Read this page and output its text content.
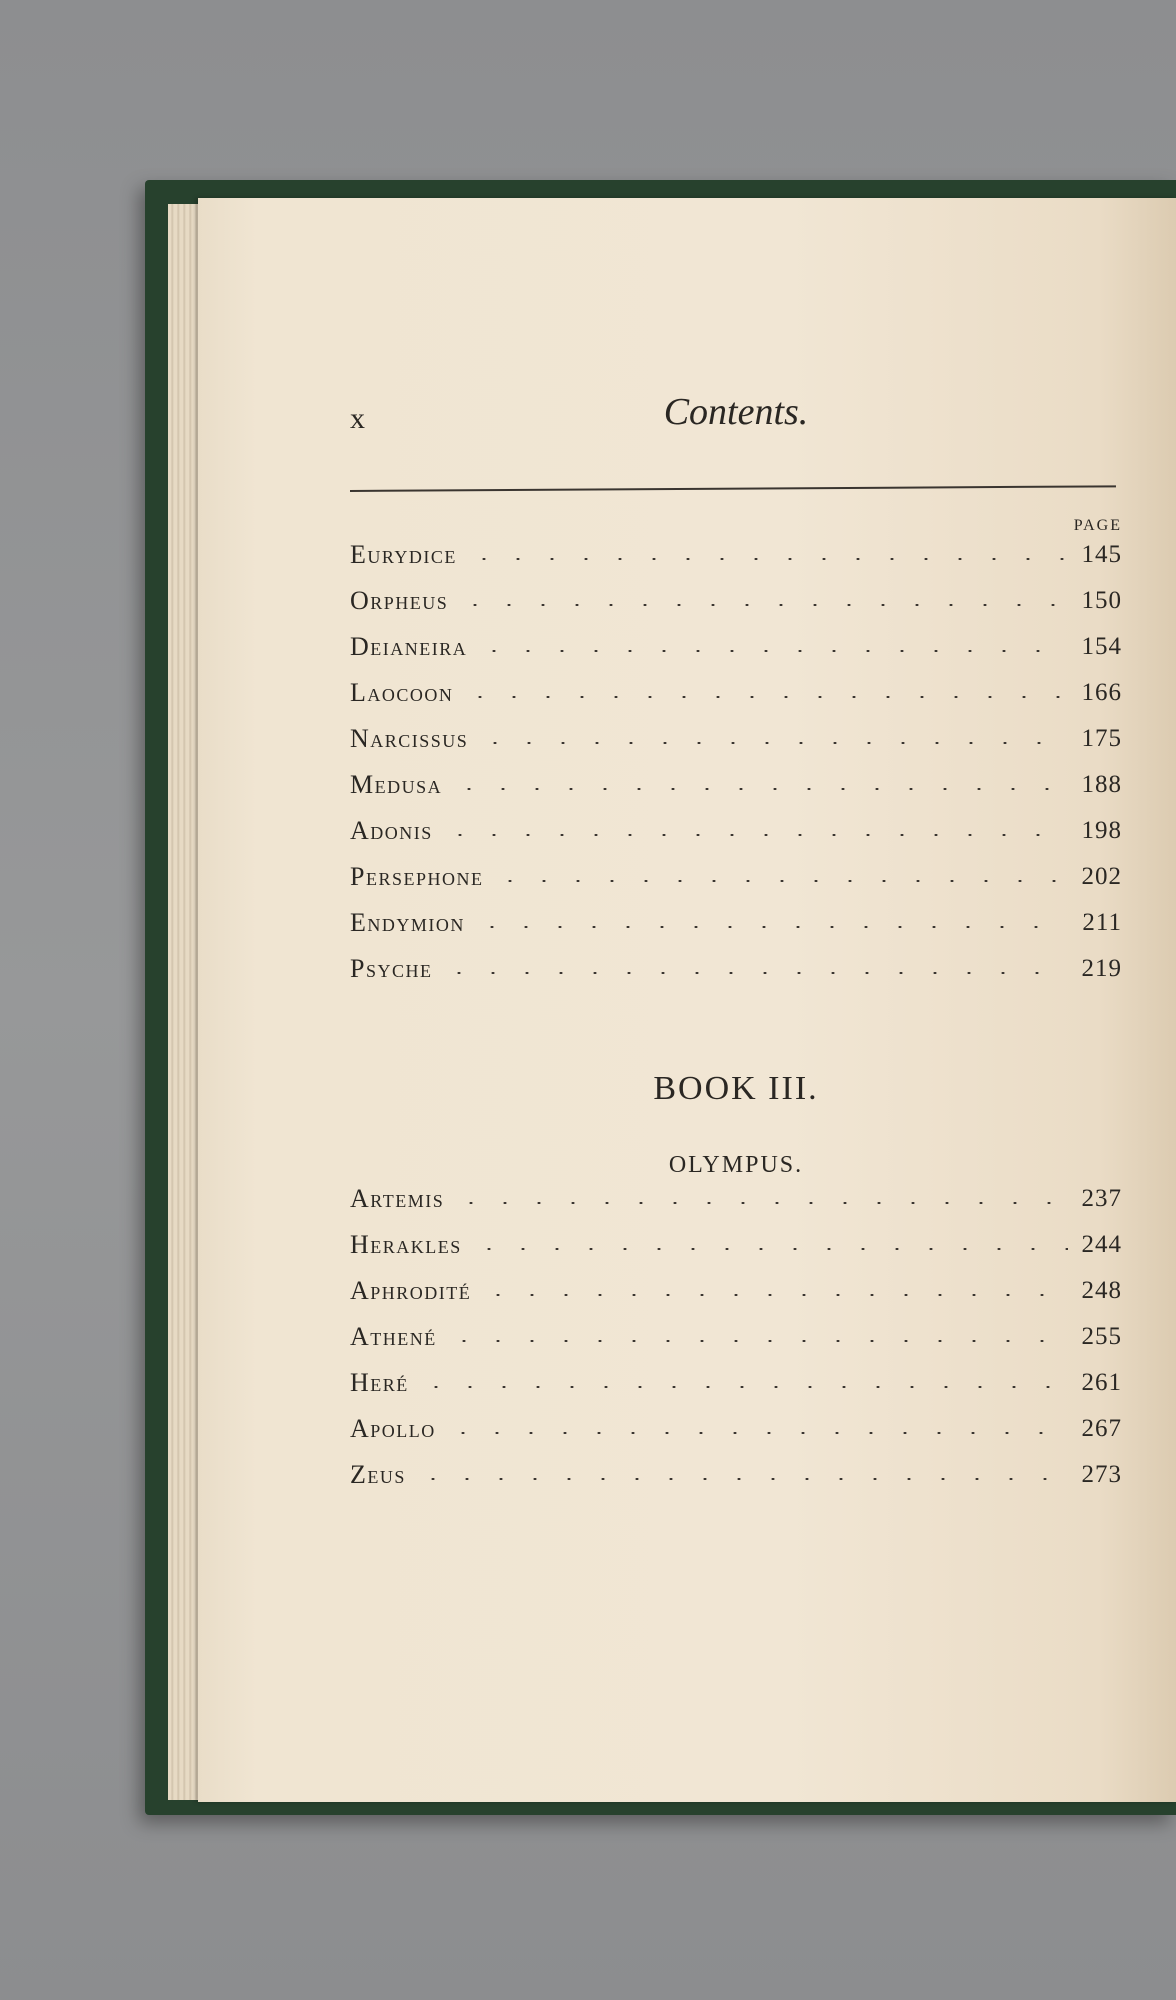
x	Contents.
PAGE
Eurydice	145
Orpheus	150
Deianeira	154
Laocoon	166
Narcissus	175
Medusa	188
Adonis	198
Persephone	202
Endymion	211
Psyche	219
BOOK III.
OLYMPUS.
Artemis	237
Herakles	244
Aphrodité	248
Athené	255
Heré	261
Apollo	267
Zeus	273
